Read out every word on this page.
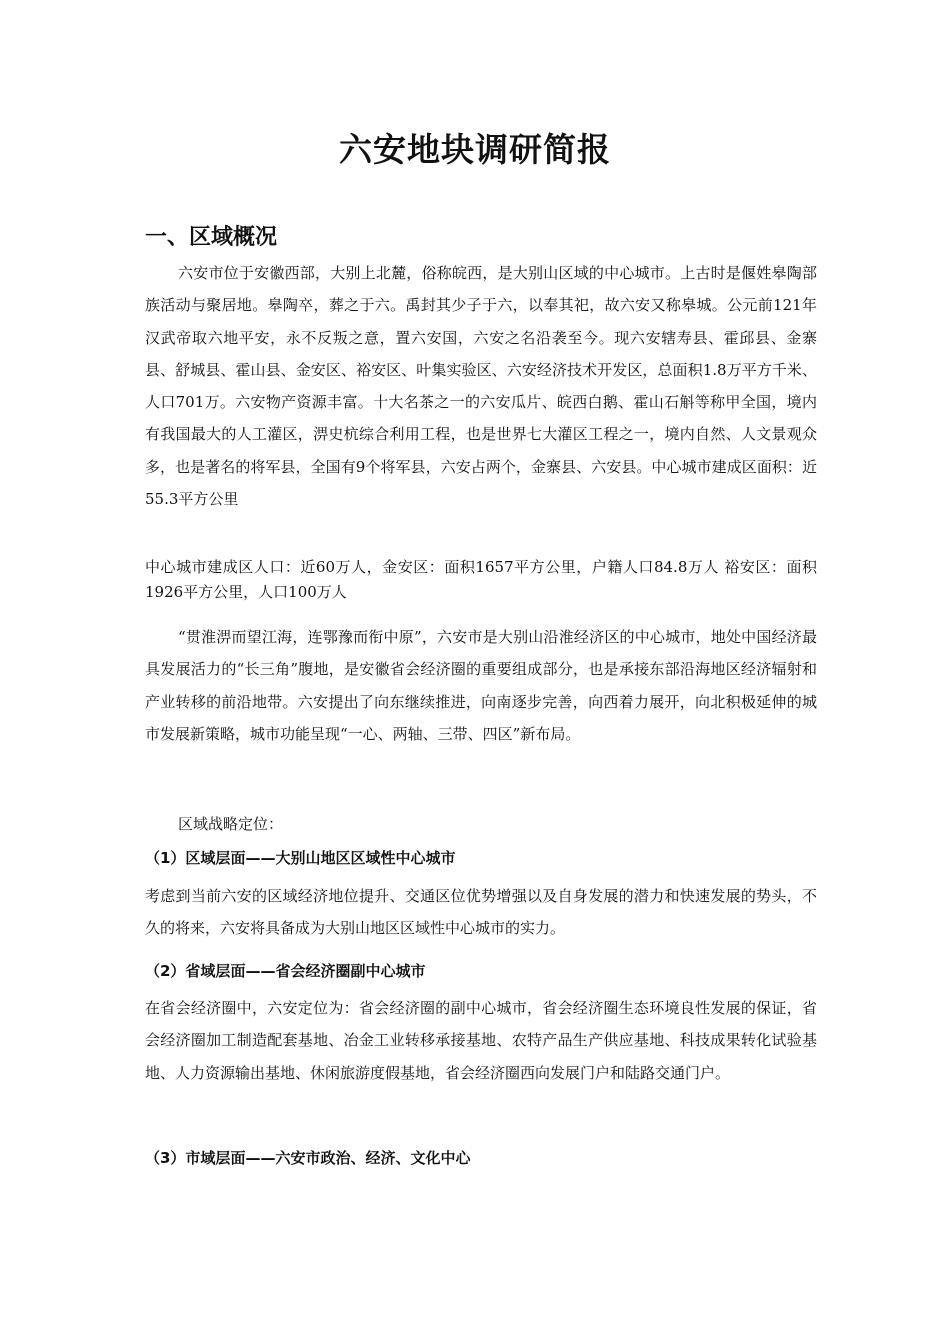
六安地块调研简报
一、区域概况

六安市位于安徽西部，大别上北麓，俗称皖西，是大别山区域的中心城市。上古时是偃姓皋陶部族活动与聚居地。皋陶卒，葬之于六。禹封其少子于六，以奉其祀，故六安又称皋城。公元前121年汉武帝取六地平安，永不反叛之意，置六安国，六安之名沿袭至今。现六安辖寿县、霍邱县、金寨县、舒城县、霍山县、金安区、裕安区、叶集实验区、六安经济技术开发区，总面积1.8万平方千米、人口701万。六安物产资源丰富。十大名茶之一的六安瓜片、皖西白鹅、霍山石斛等称甲全国，境内有我国最大的人工灌区，淠史杭综合利用工程，也是世界七大灌区工程之一，境内自然、人文景观众多，也是著名的将军县，全国有9个将军县，六安占两个，金寨县、六安县。中心城市建成区面积：近55.3平方公里

中心城市建成区人口：近60万人，金安区：面积1657平方公里，户籍人口84.8万人 裕安区：面积1926平方公里，人口100万人

“贯淮淠而望江海，连鄂豫而衔中原”，六安市是大别山沿淮经济区的中心城市，地处中国经济最具发展活力的“长三角”腹地，是安徽省会经济圈的重要组成部分，也是承接东部沿海地区经济辐射和产业转移的前沿地带。六安提出了向东继续推进，向南逐步完善，向西着力展开，向北积极延伸的城市发展新策略，城市功能呈现“一心、两轴、三带、四区”新布局。

区域战略定位：

（1）区域层面——大别山地区区域性中心城市

考虑到当前六安的区域经济地位提升、交通区位优势增强以及自身发展的潜力和快速发展的势头，不久的将来，六安将具备成为大别山地区区域性中心城市的实力。

（2）省域层面——省会经济圈副中心城市

在省会经济圈中，六安定位为：省会经济圈的副中心城市，省会经济圈生态环境良性发展的保证，省会经济圈加工制造配套基地、冶金工业转移承接基地、农特产品生产供应基地、科技成果转化试验基地、人力资源输出基地、休闲旅游度假基地，省会经济圈西向发展门户和陆路交通门户。

（3）市域层面——六安市政治、经济、文化中心
